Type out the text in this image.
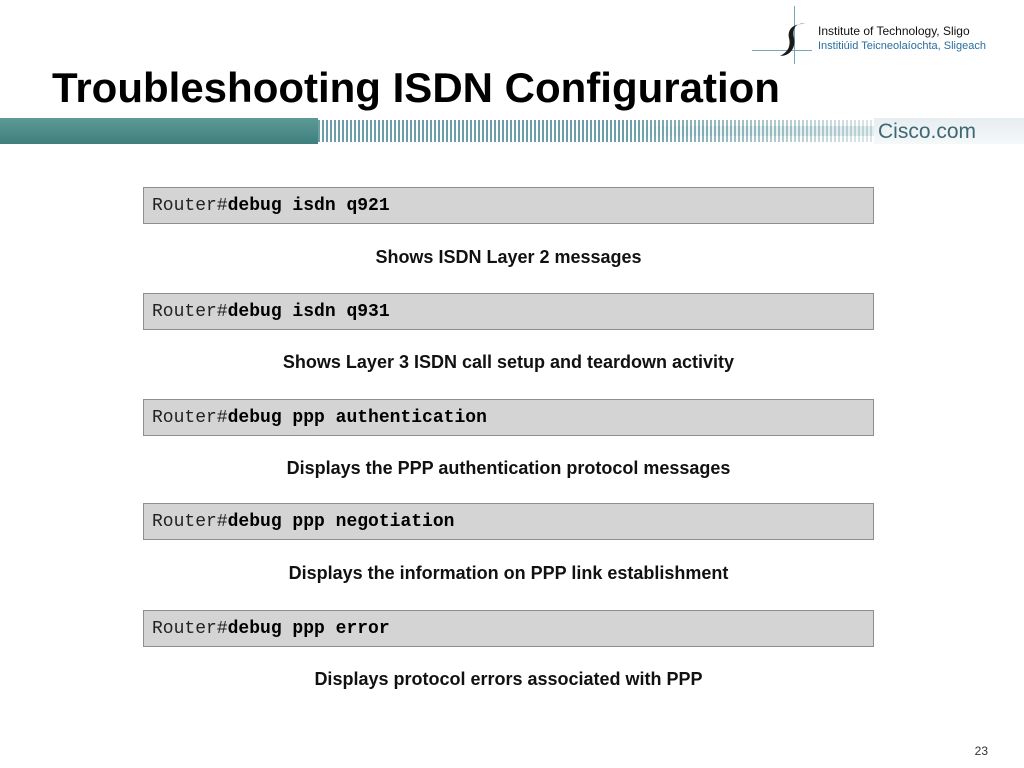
Institute of Technology, Sligo
Institiúid Teicneolaíochta, Sligeach
Troubleshooting ISDN Configuration
Cisco.com
Router#debug isdn q921
Shows ISDN Layer 2 messages
Router#debug isdn q931
Shows Layer 3 ISDN call setup and teardown activity
Router#debug ppp authentication
Displays the PPP authentication protocol messages
Router#debug ppp negotiation
Displays the information on PPP link establishment
Router#debug ppp error
Displays protocol errors associated with PPP
23
